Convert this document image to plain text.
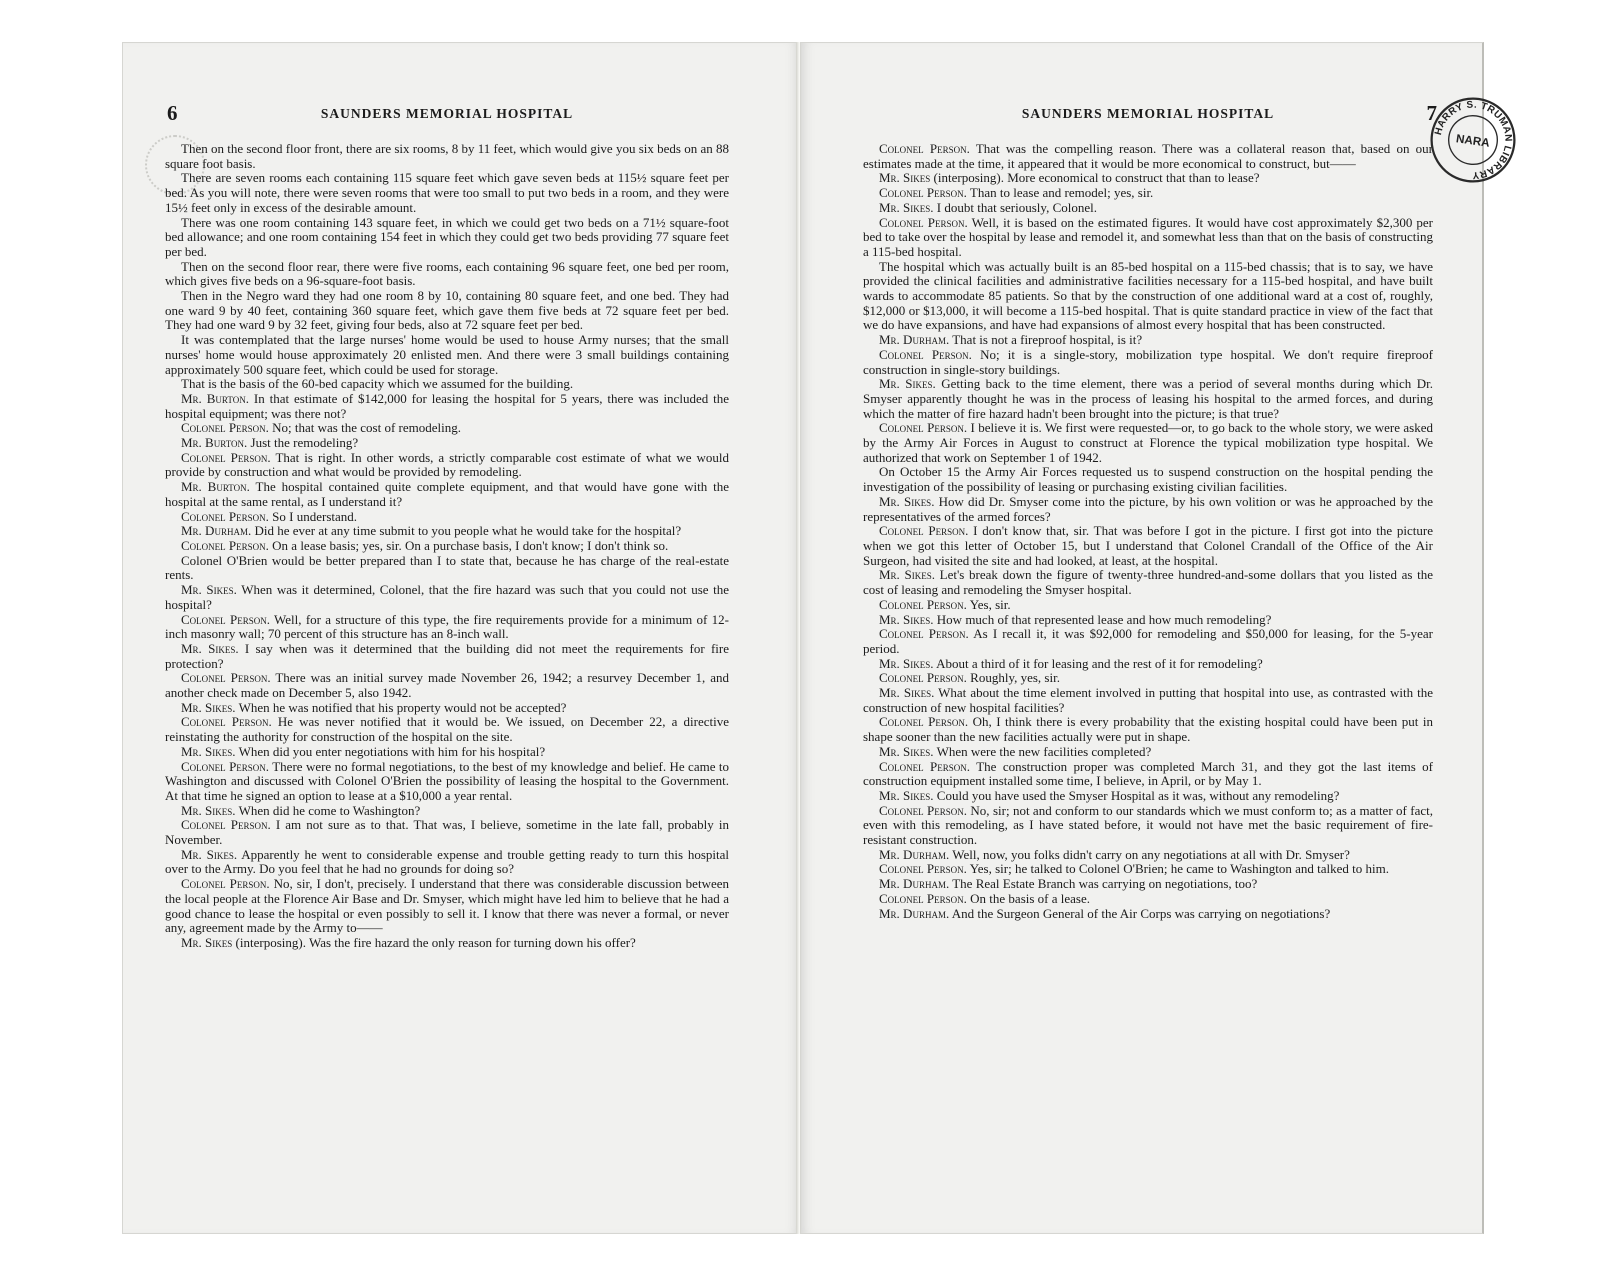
6	SAUNDERS MEMORIAL HOSPITAL

Then on the second floor front, there are six rooms, 8 by 11 feet, which would give you six beds on an 88 square foot basis.

There are seven rooms each containing 115 square feet which gave seven beds at 115½ square feet per bed. As you will note, there were seven rooms that were too small to put two beds in a room, and they were 15½ feet only in excess of the desirable amount.

There was one room containing 143 square feet, in which we could get two beds on a 71½ square-foot bed allowance; and one room containing 154 feet in which they could get two beds providing 77 square feet per bed.

Then on the second floor rear, there were five rooms, each containing 96 square feet, one bed per room, which gives five beds on a 96-square-foot basis.

Then in the Negro ward they had one room 8 by 10, containing 80 square feet, and one bed. They had one ward 9 by 40 feet, containing 360 square feet, which gave them five beds at 72 square feet per bed. They had one ward 9 by 32 feet, giving four beds, also at 72 square feet per bed.

It was contemplated that the large nurses' home would be used to house Army nurses; that the small nurses' home would house approximately 20 enlisted men. And there were 3 small buildings containing approximately 500 square feet, which could be used for storage.

That is the basis of the 60-bed capacity which we assumed for the building.

Mr. Burton. In that estimate of $142,000 for leasing the hospital for 5 years, there was included the hospital equipment; was there not?

Colonel Person. No; that was the cost of remodeling.

Mr. Burton. Just the remodeling?

Colonel Person. That is right. In other words, a strictly comparable cost estimate of what we would provide by construction and what would be provided by remodeling.

Mr. Burton. The hospital contained quite complete equipment, and that would have gone with the hospital at the same rental, as I understand it?

Colonel Person. So I understand.

Mr. Durham. Did he ever at any time submit to you people what he would take for the hospital?

Colonel Person. On a lease basis; yes, sir. On a purchase basis, I don't know; I don't think so.

Colonel O'Brien would be better prepared than I to state that, because he has charge of the real-estate rents.

Mr. Sikes. When was it determined, Colonel, that the fire hazard was such that you could not use the hospital?

Colonel Person. Well, for a structure of this type, the fire requirements provide for a minimum of 12-inch masonry wall; 70 percent of this structure has an 8-inch wall.

Mr. Sikes. I say when was it determined that the building did not meet the requirements for fire protection?

Colonel Person. There was an initial survey made November 26, 1942; a resurvey December 1, and another check made on December 5, also 1942.

Mr. Sikes. When he was notified that his property would not be accepted?

Colonel Person. He was never notified that it would be. We issued, on December 22, a directive reinstating the authority for construction of the hospital on the site.

Mr. Sikes. When did you enter negotiations with him for his hospital?

Colonel Person. There were no formal negotiations, to the best of my knowledge and belief. He came to Washington and discussed with Colonel O'Brien the possibility of leasing the hospital to the Government. At that time he signed an option to lease at a $10,000 a year rental.

Mr. Sikes. When did he come to Washington?

Colonel Person. I am not sure as to that. That was, I believe, sometime in the late fall, probably in November.

Mr. Sikes. Apparently he went to considerable expense and trouble getting ready to turn this hospital over to the Army. Do you feel that he had no grounds for doing so?

Colonel Person. No, sir, I don't, precisely. I understand that there was considerable discussion between the local people at the Florence Air Base and Dr. Smyser, which might have led him to believe that he had a good chance to lease the hospital or even possibly to sell it. I know that there was never a formal, or never any, agreement made by the Army to——

Mr. Sikes (interposing). Was the fire hazard the only reason for turning down his offer?

SAUNDERS MEMORIAL HOSPITAL	7

Colonel Person. That was the compelling reason. There was a collateral reason that, based on our estimates made at the time, it appeared that it would be more economical to construct, but——

Mr. Sikes (interposing). More economical to construct that than to lease?

Colonel Person. Than to lease and remodel; yes, sir.

Mr. Sikes. I doubt that seriously, Colonel.

Colonel Person. Well, it is based on the estimated figures. It would have cost approximately $2,300 per bed to take over the hospital by lease and remodel it, and somewhat less than that on the basis of constructing a 115-bed hospital.

The hospital which was actually built is an 85-bed hospital on a 115-bed chassis; that is to say, we have provided the clinical facilities and administrative facilities necessary for a 115-bed hospital, and have built wards to accommodate 85 patients. So that by the construction of one additional ward at a cost of, roughly, $12,000 or $13,000, it will become a 115-bed hospital. That is quite standard practice in view of the fact that we do have expansions, and have had expansions of almost every hospital that has been constructed.

Mr. Durham. That is not a fireproof hospital, is it?

Colonel Person. No; it is a single-story, mobilization type hospital. We don't require fireproof construction in single-story buildings.

Mr. Sikes. Getting back to the time element, there was a period of several months during which Dr. Smyser apparently thought he was in the process of leasing his hospital to the armed forces, and during which the matter of fire hazard hadn't been brought into the picture; is that true?

Colonel Person. I believe it is. We first were requested—or, to go back to the whole story, we were asked by the Army Air Forces in August to construct at Florence the typical mobilization type hospital. We authorized that work on September 1 of 1942.

On October 15 the Army Air Forces requested us to suspend construction on the hospital pending the investigation of the possibility of leasing or purchasing existing civilian facilities.

Mr. Sikes. How did Dr. Smyser come into the picture, by his own volition or was he approached by the representatives of the armed forces?

Colonel Person. I don't know that, sir. That was before I got in the picture. I first got into the picture when we got this letter of October 15, but I understand that Colonel Crandall of the Office of the Air Surgeon, had visited the site and had looked, at least, at the hospital.

Mr. Sikes. Let's break down the figure of twenty-three hundred-and-some dollars that you listed as the cost of leasing and remodeling the Smyser hospital.

Colonel Person. Yes, sir.

Mr. Sikes. How much of that represented lease and how much remodeling?

Colonel Person. As I recall it, it was $92,000 for remodeling and $50,000 for leasing, for the 5-year period.

Mr. Sikes. About a third of it for leasing and the rest of it for remodeling?

Colonel Person. Roughly, yes, sir.

Mr. Sikes. What about the time element involved in putting that hospital into use, as contrasted with the construction of new hospital facilities?

Colonel Person. Oh, I think there is every probability that the existing hospital could have been put in shape sooner than the new facilities actually were put in shape.

Mr. Sikes. When were the new facilities completed?

Colonel Person. The construction proper was completed March 31, and they got the last items of construction equipment installed some time, I believe, in April, or by May 1.

Mr. Sikes. Could you have used the Smyser Hospital as it was, without any remodeling?

Colonel Person. No, sir; not and conform to our standards which we must conform to; as a matter of fact, even with this remodeling, as I have stated before, it would not have met the basic requirement of fire-resistant construction.

Mr. Durham. Well, now, you folks didn't carry on any negotiations at all with Dr. Smyser?

Colonel Person. Yes, sir; he talked to Colonel O'Brien; he came to Washington and talked to him.

Mr. Durham. The Real Estate Branch was carrying on negotiations, too?

Colonel Person. On the basis of a lease.

Mr. Durham. And the Surgeon General of the Air Corps was carrying on negotiations?

HARRY S. TRUMAN LIBRARY
NARA
